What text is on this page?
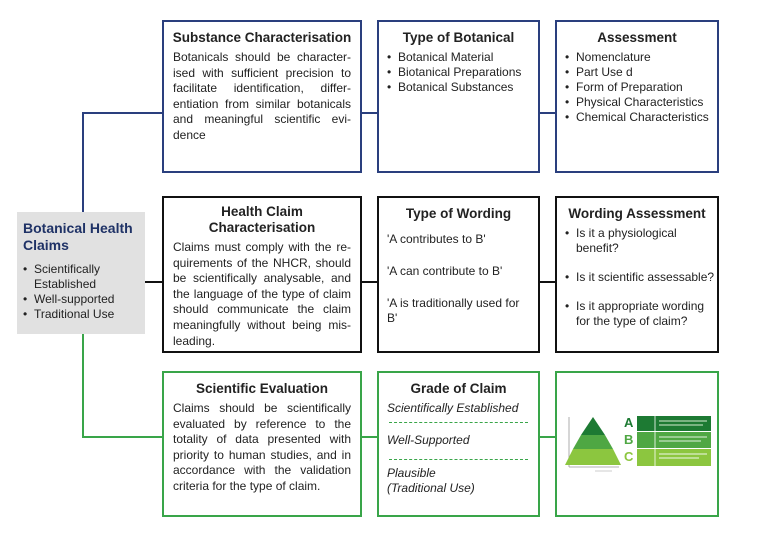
Botanical Health Claims
• Scientifically Established
• Well-supported
• Traditional Use
Substance Characterisation
Botanicals should be character-ised with sufficient precision to facilitate identification, differ-entiation from similar botanicals and meaningful scientific evi-dence
Type of Botanical
• Botanical Material
• Biotanical Preparations
• Botanical Substances
Assessment
• Nomenclature
• Part Use d
• Form of Preparation
• Physical Characteristics
• Chemical Characteristics
Health Claim Characterisation
Claims must comply with the re-quirements of the NHCR, should be scientifically analysable, and the language of the type of claim should communicate the claim meaningfully without being mis-leading.
Type of Wording
'A contributes to B'
'A can contribute to B'
'A is traditionally used for B'
Wording Assessment
• Is it a physiological benefit?
• Is it scientific assessable?
• Is it appropriate wording for the type of claim?
Scientific Evaluation
Claims should be scientifically evaluated by reference to the totality of data presented with priority to human studies, and in accordance with the validation criteria for the type of claim.
Grade of Claim
Scientifically Established
Well-Supported
Plausible (Traditional Use)
A
B
C
